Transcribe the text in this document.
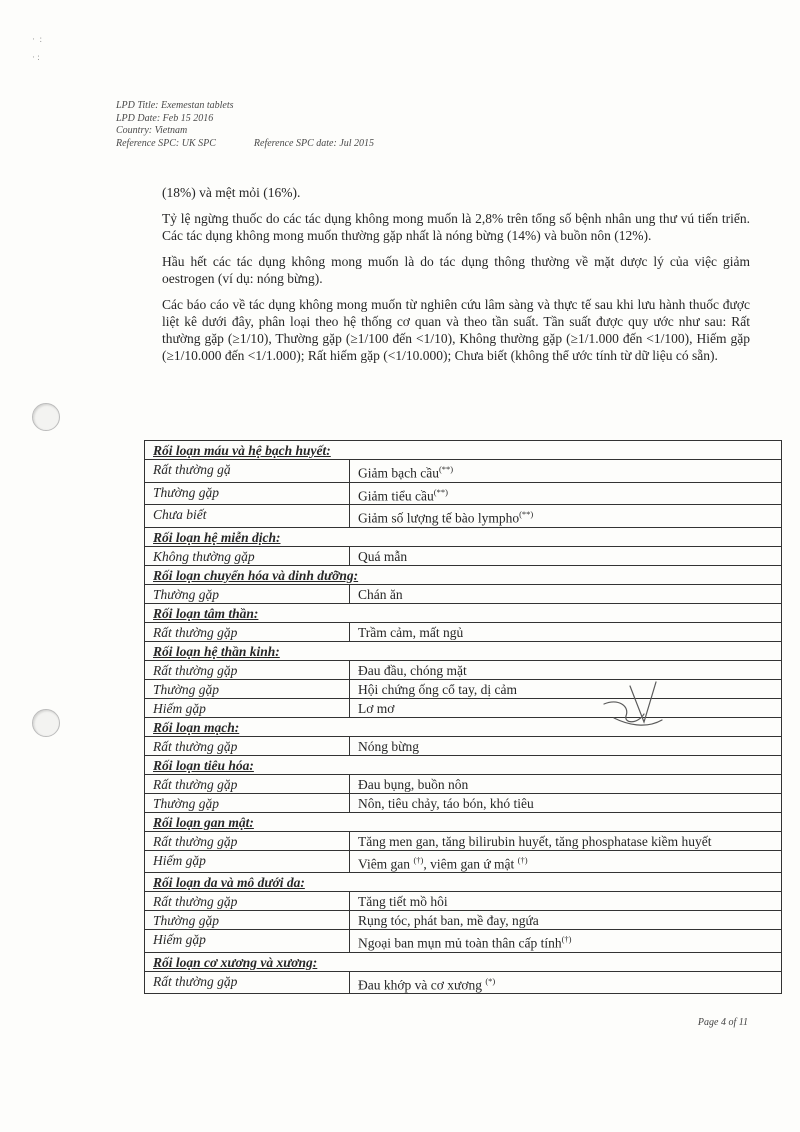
·  :
· :
LPD Title: Exemestan tablets
LPD Date: Feb 15 2016
Country: Vietnam
Reference SPC: UK SPC	Reference SPC date: Jul 2015

(18%) và mệt mỏi (16%).

Tỷ lệ ngừng thuốc do các tác dụng không mong muốn là 2,8% trên tổng số bệnh nhân ung thư vú tiến triển. Các tác dụng không mong muốn thường gặp nhất là nóng bừng (14%) và buồn nôn (12%).

Hầu hết các tác dụng không mong muốn là do tác dụng thông thường về mặt dược lý của việc giảm oestrogen (ví dụ: nóng bừng).

Các báo cáo về tác dụng không mong muốn từ nghiên cứu lâm sàng và thực tế sau khi lưu hành thuốc được liệt kê dưới đây, phân loại theo hệ thống cơ quan và theo tần suất. Tần suất được quy ước như sau: Rất thường gặp (≥1/10), Thường gặp (≥1/100 đến <1/10), Không thường gặp (≥1/1.000 đến <1/100), Hiếm gặp (≥1/10.000 đến <1/1.000); Rất hiếm gặp (<1/10.000); Chưa biết (không thể ước tính từ dữ liệu có sẵn).

Rối loạn máu và hệ bạch huyết:	
Rất thường gặ	Giảm bạch cầu(**)
Thường gặp	Giảm tiểu cầu(**)
Chưa biết	Giảm số lượng tế bào lympho(**)
Rối loạn hệ miễn dịch:	
Không thường gặp	Quá mẫn
Rối loạn chuyển hóa và dinh dưỡng:	
Thường gặp	Chán ăn
Rối loạn tâm thần:	
Rất thường gặp	Trầm cảm, mất ngủ
Rối loạn hệ thần kinh:	
Rất thường gặp	Đau đầu, chóng mặt
Thường gặp	Hội chứng ống cổ tay, dị cảm
Hiếm gặp	Lơ mơ
Rối loạn mạch:	
Rất thường gặp	Nóng bừng
Rối loạn tiêu hóa:	
Rất thường gặp	Đau bụng, buồn nôn
Thường gặp	Nôn, tiêu chảy, táo bón, khó tiêu
Rối loạn gan mật:	
Rất thường gặp	Tăng men gan, tăng bilirubin huyết, tăng phosphatase kiềm huyết
Hiếm gặp	Viêm gan (†), viêm gan ứ mật (†)
Rối loạn da và mô dưới da:	
Rất thường gặp	Tăng tiết mồ hôi
Thường gặp	Rụng tóc, phát ban, mề đay, ngứa
Hiếm gặp	Ngoại ban mụn mủ toàn thân cấp tính(†)
Rối loạn cơ xương và xương:	
Rất thường gặp	Đau khớp và cơ xương (*)
Page 4 of 11
